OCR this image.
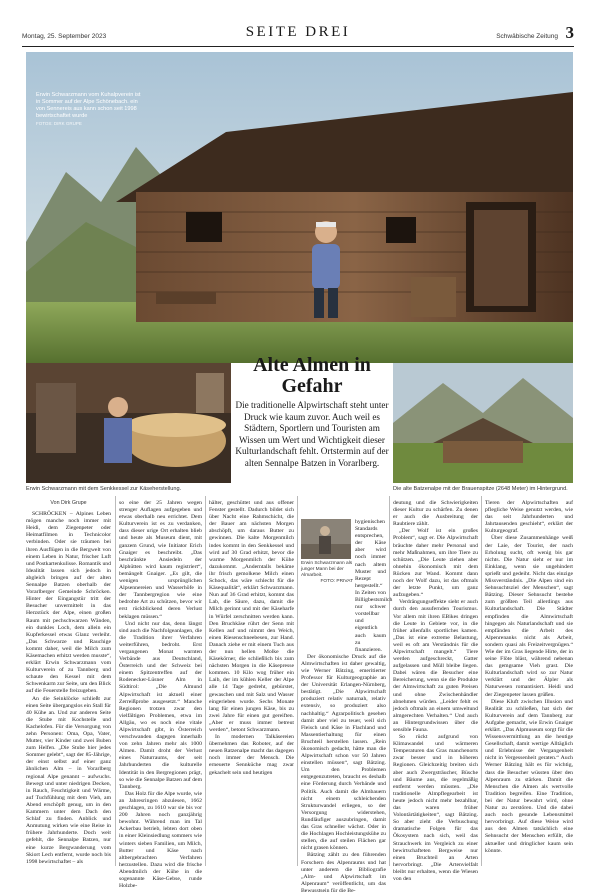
Montag, 25. September 2023	SEITE DREI	Schwäbische Zeitung 3
Erwin Schwarzmann vom Kuhalpverein ist in Sommer auf der Alpe Schönebach. ein von Sennereis aus kann schon seit 1998 bewirtschaftet wurde
FOTOS: DIRK GRUPE
Erwin Schwarzmann mit dem Senkkessel zur Käseherstellung.	Die alte Batzenalpe mit der Brauenspitze (2648 Meter) im Hintergrund.
Alte Almen in Gefahr
Die traditionelle Alpwirtschaft steht unter Druck wie kaum zuvor. Auch weil es Städtern, Sportlern und Touristen am Wissen um Wert und Wichtigkeit dieser Kulturlandschaft fehlt. Ortstermin auf der alten Sennalpe Batzen in Vorarlberg.
Von Dirk Grupe

SCHRÖCKEN – Alpines Leben mögen manche noch immer mit Heidi, dem Ziegenpeter oder Heimatfilmen in Technicolor verbinden. Oder sie träumen bei ihren Ausflügen in die Bergwelt von einem Leben in Natur, frischer Luft und Postkartenkulisse. Romantik und Idealität lassen sich jedoch in abgleich bringen auf der alten Sennalpe Batzen oberhalb der Vorarlberger Gemeinde Schröcken. Hinter der Eingangstür tritt der Besucher unvermittelt in das Herzstück der Alpe, einen großen Raum mit pechschwarzen Wänden, ein dunkles Loch, dem allein ein Kupferkessel etwas Glanz verleiht. „Das Schwarze und Rauchige kommt daher, weil die Milch zum Käsemachen erhitzt werden musste“, erklärt Erwin Schwarzmann vom Kulturverein of zu Tannberg und schaute den Kessel mit dem Schwenkarm zur Seite, um den Blick auf die Feuerstelle freizugeben.

An die Seinklöcke schließt zur einen Seite übergangslos ein Stall für 40 Kühe an. Und zur anderen Seite die Stube mit Kochstelle und Kachelofen. Für die Versorgung von zehn Personen: Oma, Opa, Vater, Mutter, vier Kinder und zwei Buben zum Helfen. „Die Stube hier jedes Sommer gelebt“, sagt der 85-Jährige, der einst selbst auf einer ganz ähnlichen Alm – in Vorarlberg regional Alpe genannt – aufwuchs. Bewegt und unter niedrigen Decken, in Rauch, Feuchtigkeit und Wärme, auf Tuchfühlung mit dem Vieh, am Abend erschöpft genug, um in den Kammern unter dem Dach den Schlaf zu finden. Anblick und Anmutung wirken wie eine Reise in frühere Jahrhunderte. Doch weit gefehlt, die Sennalpe Batzen, nur eine kurze Bergwanderung vom Skiort Lech entfernt, wurde noch bis 1998 bewirtschaftet – als

so eine der 25 Jahren wegen strenger Auflagen aufgegeben und etwas oberhalb neu errichtet. Dem Kulturverein ist es zu verdanken, dass dieser urige Ort erhalten blieb und heute als Museum dient, mit ganzem Grund, wie Initiator Erich Gnaiger es beschreibt. „Das beschränkte Ansiedeln der Alphütten wird kaum registriert“, bemängelt Gnaiger. „Es gilt, die wenigen ursprünglichen Alpsennereien und Wasserhöfe in der Tannbergregion wie eine bedrohte Art zu schützen, bevor wir erst rückblickend deren Verlust beklagen müssen.“

Und nicht nur das, denn längst sind auch die Nachfolgeanlagen, die die Tradition ihrer Verfahren weiterführen, bedroht. Erst vergangenen Monat warnten Verbände aus Deutschland, Österreich und der Schweiz bei einem Spitzentreffen auf der Rodenecker-Lüsner Alm in Südtirol: „Die Almund Alpwirtschaft ist aktuell einer Zerreißprobe ausgesetzt.“ Manche Regionen trotzen zwar den vielfältigen Problemen, etwa im Allgäu, wo es noch eine vitale Alpwirtschaft gibt, in Österreich verschwanden dagegen innerhalb von zehn Jahren mehr als 1000 Almen. Damit droht der Verlust eines Naturraums, der seit Jahrhunderten die kulturelle Identität in den Bergregionen prägt, so wie die Sennalpe Batzen auf dem Tannberg.

Das Holz für die Alpe wurde, wie an Jahresringen abzulesen, 1662 geschlagen, zu 1610 war sie bis vor 200 Jahren noch ganzjährig bewohnt. Während man im Tal Ackerbau betrieb, lebten dort oben in einer Kleinsiedlung sommers wie winters sieben Familien, um Milch, Butter und Käse nach altbergebrachten Verfahren herzustellen. Dazu wird die frische Abendmilch der Kühe in die sogenannte Käse-Gebse, runde Holzbe-

hälter, geschüttet und aus offener Fenster gestellt. Dadurch bildet sich über Nacht eine Rahmschicht, die der Bauer am nächsten Morgen abschöpft, um daraus Butter zu gewinnen. Die kalte Morgenmilch indes kommt in den Senkkessel und wird auf 30 Grad erhitzt, bevor die warme Morgenmilch der Kühe dazukommt. „Anderntalls bekäme ihr frisch gemolkene Milch einen Schock, das wäre schlecht für die Käsequalität“, erklärt Schwarzmann. Nun auf 36 Grad erhitzt, kommt das Lab, die Säure, dazu, damit die Milch gerinnt und mit der Käseharfe in Würfel zerschnitten werden kann. Den Bruchkäse rührt der Senn mit Kellen auf und nimmt den Weich, einen Riesenschneebesen, zur Hand. Danach ziehe er mit einem Tuch aus der nun hellen Molke die Käsekörner, die schließlich bis zum nächsten Morgen in die Käsepresse kommen. 10 Kilo wog früher ein Laib, der im kühlen Keller der Alpe alle 14 Tage gedreht, gebürstet, gewaschen und mit Salz und Wasser eingerieben wurde. Sechs Monate lang für einen jungen Käse, bis zu zwei Jahre für einen gut gereiften. „Aber er muss immer betreut werden“, betont Schwarzmann.

In modernen Talkäsereien übernehmen das Roboter, auf der neuen Ratzenalpe macht das dagegen noch immer der Mensch. Die erneuerte Sennküche mag zwar gekachelt sein und heutigen

hygienischen Standards entsprechen, der Käse aber wird noch immer nach altem Muster und Rezept hergestellt.“ In Zeiten von Billigbestsmilch nur schwer vorstellbar und eigentlich auch kaum zu finanzieren.

Der ökonomische Druck auf die Almwirtschaften ist daher gewaltig, wie Werner Bätzing, emeritierter Professor für Kulturgeographie an der Universität Erlangen-Nürnberg, bestätigt. „Die Alpwirtschaft produziert relativ naturnah, relativ extensiv, so produziert also nachhaltig.“ Agrarpolitisch gesehen damit aber viel zu teuer, weil sich Fleisch und Käse in Flachland und Massentierhaltung für einen Bruchteil herstellen lassen. „Rein ökonomisch gedacht, hätte man die Alpwirtschaft schon vor 50 Jahren einstellen müssen“, sagt Bätzing. Um den Problemen entgegenzutreten, braucht es deshalb eine Förderung durch Verbände und Politik. Auch damit die Almbauern nicht einem schleichenden Strukturwandel erliegen, so der Versorgung widerstehen, Rundläufiger auszubringen, damit das Gras schneller wächst. Oder in die Hochlagen Hochleistungskühe zu stellen, die auf steilen Flächen gar nicht grasen können.

Bätzing zählt zu den führenden Forschern des Alpenraums und hat unter anderem die Bibliografie „Alm- und Alpwirtschaft im Alpenraum“ veröffentlicht, um das Bewusstsein für die Be-

deutung und die Schwierigkeiten dieser Kultur zu schärfen. Zu denen er auch die Ausbreitung der Raubtiere zählt.

„Der Wolf ist ein großes Problem“, sagt er. Die Alpwirtschaft bräuchte daher mehr Personal und mehr Maßnahmen, um ihre Tiere zu schützen. „Die Leute ziehen aber ohnehin ökonomisch mit dem Rücken zur Wand. Kommt dann noch der Wolf dazu, ist das oftmals der letzte Punkt, um ganz aufzugeben.“

Verdrängungseffekte sieht er auch durch den ausufernden Tourismus. Vor allem mit ihren EBikes dringen die Leute in Gebiete vor, in die früher allenfalls sportliches kamen. „Das ist eine extreme Belastung, weil es oft am Verständnis für die Alpwirtschaft mangelt.“ Tiere werden aufgeschreckt, Gatter aufgelassen und Müll bleibe liegen. Dabei wären die Besucher eine Bereicherung, wenn sie die Produkte der Almwirtschaft zu guten Preisen und ohne Zwischenhändler abnehmen würden. „Leider fehlt es jedoch oftmals an einem umweltund almgerechten Verhalten.“ Und auch an Hintergrundwissen über die sensible Fauna.

So rückt aufgrund von Klimawandel und wärmeren Temperaturen das Gras manchenorts zwar besser und in höheren Regionen. Gleichzeitig breiten sich aber auch Zwergsträucher, Büsche und Bäume aus, die regelmäßig entfernt werden müssten. „Die traditionelle Almpflegearbeit ist heute jedoch nicht mehr bezahlbar, das waren früher Volontärtätigkeiten“, sagt Bätzing. So aber zieht die Verbuschung dramatische Folgen für das Ökosystem nach sich, weil das Strauchwerk im Vergleich zu einer bewirtschafteten Bergweise nur einen Bruchteil an Arten hervorbringt. „Die Artenvielfalt bleibt nur erhalten, wenn die Wiesen von den

Tieren der Alpwirtschaften auf pflegliche Weise genutzt werden, wie das seit Jahrhunderten und Jahrtausenden geschieht“, erklärt der Kulturgeograf.

Über diese Zusammenhänge weiß der Laie, der Tourist, der nach Erholung sucht, oft wenig bis gar nichts. Die Natur sieht er nur im Einklang, wenn sie ungehindert sprießt und gedeiht. Nicht das einzige Missverständnis. „Die Alpen sind ein Sehnsuchtsziel der Menschen“, sagt Bätzing. Dieser Sehnsucht bestehe zum größten Teil allerdings aus Kulturlandschaft. Die Städter empfinden die Almwirtschaft hingegen als Naturlandschaft und sie empfänden die Arbeit des Alpenrenanks nicht als Arbeit, sondern quasi als Freizeitvergnügen.“ Wie der im Gras liegende Hirte, der in seine Flöte bläst, während nebenan das gemgsame Vieh grast. Die Kulturlandschaft wird so zur Natur verklärt und der Älpler als Naturwesen romantisiert. Heidi und der Ziegenpeter lassen grüßen.

Diese Kluft zwischen Illusion und Realität zu schließen, hat sich der Kulturverein auf dem Tannberg zur Aufgabe gemacht, wie Erwin Gnaiger erklärt. „Das Alpmuseum sorgt für die Wissensvermittlung an die heutige Gesellschaft, damit wertige Alltäglich und Erlebnisse der Vergangenheit nicht in Vergessenheit geraten.“ Auch Werner Bätzing hält es für wichtig, dass die Besucher wüssten über den Alpenraum zu stärken. Damit die Menschen die Almen als wertvolle Tradition begreifen. Eine Tradition, bei der Natur bewahrt wird, ohne Natur zu zerstören. Und die dabei auch noch gesunde Lebensmittel hervorbringt. Auf diese Weise wird aus den Almen tatsächlich eine Sehnsucht der Menschen erfüllt, die aktueller und dringlicher kaum sein könnte.

Erwin Schwarzmann als junger Mann bei der Almarbeit.
FOTO: PRIVAT
